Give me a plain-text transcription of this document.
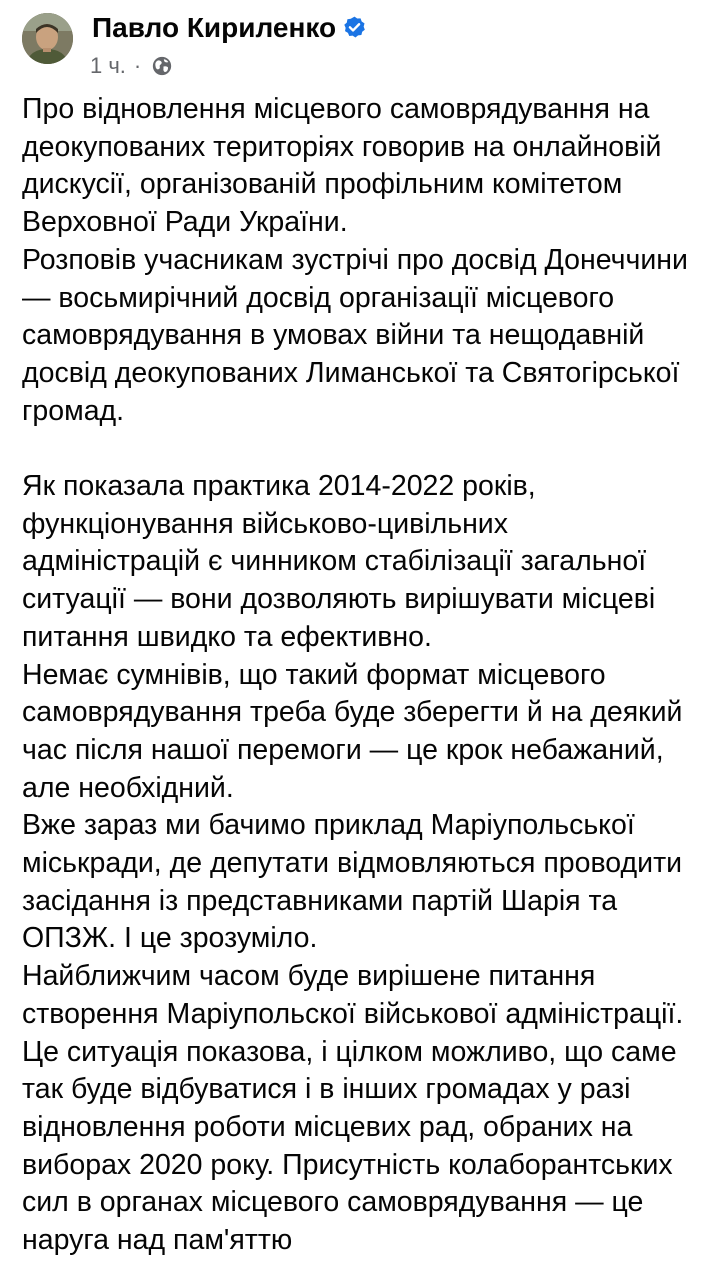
Павло Кириленко
1 ч. ·

Про відновлення місцевого самоврядування на деокупованих територіях говорив на онлайновій дискусії, організованій профільним комітетом Верховної Ради України.

Розповів учасникам зустрічі про досвід Донеччини — восьмирічний досвід організації місцевого самоврядування в умовах війни та нещодавній досвід деокупованих Лиманської та Святогірської громад.

Як показала практика 2014-2022 років, функціонування військово-цивільних адміністрацій є чинником стабілізації загальної ситуації — вони дозволяють вирішувати місцеві питання швидко та ефективно.

Немає сумнівів, що такий формат місцевого самоврядування треба буде зберегти й на деякий час після нашої перемоги — це крок небажаний, але необхідний.

Вже зараз ми бачимо приклад Маріупольської міськради, де депутати відмовляються проводити засідання із представниками партій Шарія та ОПЗЖ. І це зрозуміло.

Найближчим часом буде вирішене питання створення Маріупольскої військової адміністрації.

Це ситуація показова, і цілком можливо, що саме так буде відбуватися і в інших громадах у разі відновлення роботи місцевих рад, обраних на виборах 2020 року. Присутність колаборантських сил в органах місцевого самоврядування — це наруга над пам'яттю
